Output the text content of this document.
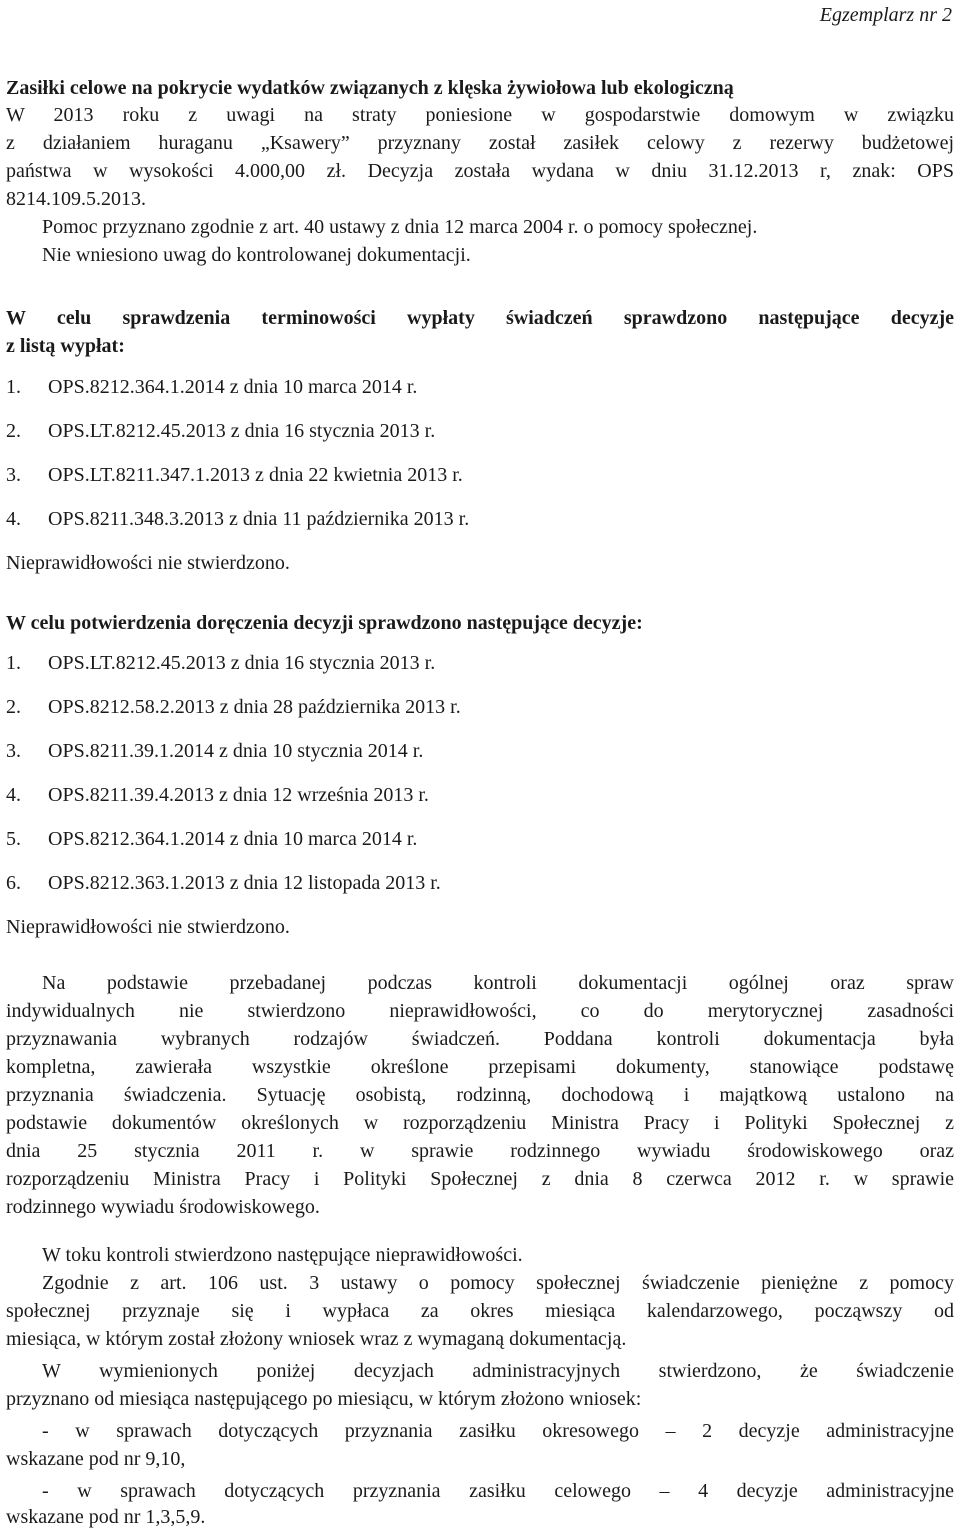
Egzemplarz nr 2
Zasiłki celowe na pokrycie wydatków związanych z klęska żywiołowa lub ekologiczną
W 2013 roku z uwagi na straty poniesione w gospodarstwie domowym w związku
z działaniem huraganu „Ksawery” przyznany został zasiłek celowy z rezerwy budżetowej
państwa w wysokości 4.000,00 zł. Decyzja została wydana w dniu 31.12.2013 r, znak: OPS
8214.109.5.2013.
Pomoc przyznano zgodnie z art. 40 ustawy z dnia 12 marca 2004 r. o pomocy społecznej.
Nie wniesiono uwag do kontrolowanej dokumentacji.
W celu sprawdzenia terminowości wypłaty świadczeń sprawdzono następujące decyzje
z listą wypłat:
1. OPS.8212.364.1.2014 z dnia 10 marca 2014 r.
2. OPS.LT.8212.45.2013 z dnia 16 stycznia 2013 r.
3. OPS.LT.8211.347.1.2013 z dnia 22 kwietnia 2013 r.
4. OPS.8211.348.3.2013 z dnia 11 października 2013 r.
Nieprawidłowości nie stwierdzono.
W celu potwierdzenia doręczenia decyzji sprawdzono następujące decyzje:
1. OPS.LT.8212.45.2013 z dnia 16 stycznia 2013 r.
2. OPS.8212.58.2.2013 z dnia 28 października 2013 r.
3. OPS.8211.39.1.2014 z dnia 10 stycznia 2014 r.
4. OPS.8211.39.4.2013 z dnia 12 września 2013 r.
5. OPS.8212.364.1.2014 z dnia 10 marca 2014 r.
6. OPS.8212.363.1.2013 z dnia 12 listopada 2013 r.
Nieprawidłowości nie stwierdzono.
Na podstawie przebadanej podczas kontroli dokumentacji ogólnej oraz spraw
indywidualnych nie stwierdzono nieprawidłowości, co do merytorycznej zasadności
przyznawania wybranych rodzajów świadczeń. Poddana kontroli dokumentacja była
kompletna, zawierała wszystkie określone przepisami dokumenty, stanowiące podstawę
przyznania świadczenia. Sytuację osobistą, rodzinną, dochodową i majątkową ustalono na
podstawie dokumentów określonych w rozporządzeniu Ministra Pracy i Polityki Społecznej z
dnia 25 stycznia 2011 r. w sprawie rodzinnego wywiadu środowiskowego oraz
rozporządzeniu Ministra Pracy i Polityki Społecznej z dnia 8 czerwca 2012 r. w sprawie
rodzinnego wywiadu środowiskowego.
W toku kontroli stwierdzono następujące nieprawidłowości.
Zgodnie z art. 106 ust. 3 ustawy o pomocy społecznej świadczenie pieniężne z pomocy
społecznej przyznaje się i wypłaca za okres miesiąca kalendarzowego, począwszy od
miesiąca, w którym został złożony wniosek wraz z wymaganą dokumentacją.
W wymienionych poniżej decyzjach administracyjnych stwierdzono, że świadczenie
przyznano od miesiąca następującego po miesiącu, w którym złożono wniosek:
- w sprawach dotyczących przyznania zasiłku okresowego – 2 decyzje administracyjne
wskazane pod nr 9,10,
- w sprawach dotyczących przyznania zasiłku celowego – 4 decyzje administracyjne
wskazane pod nr 1,3,5,9.
